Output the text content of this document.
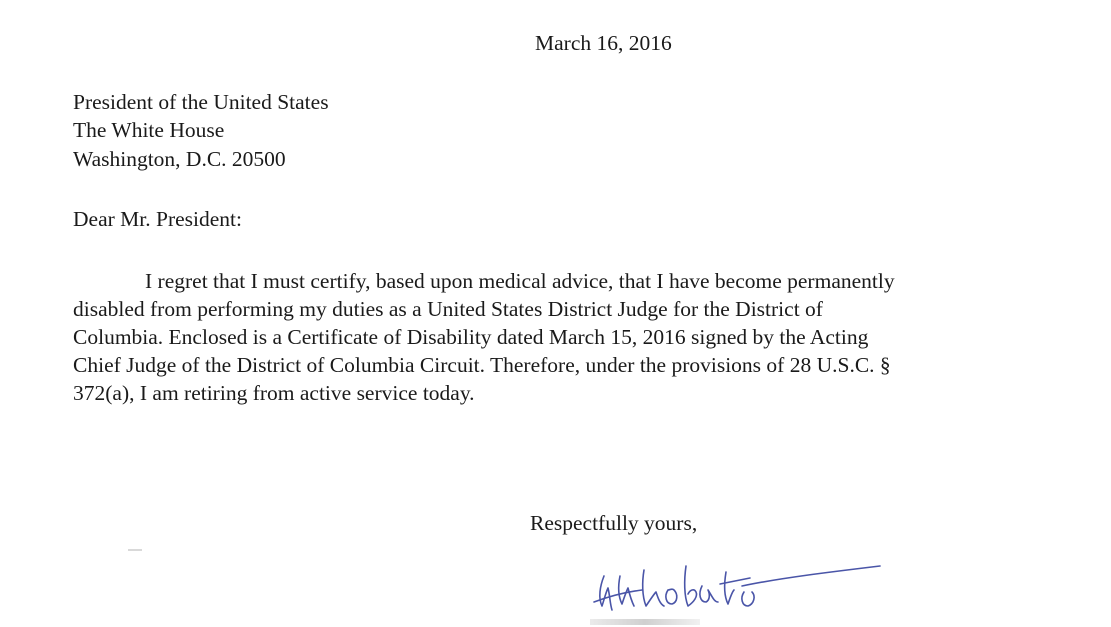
March 16, 2016
President of the United States
The White House
Washington, D.C. 20500
Dear Mr. President:
I regret that I must certify, based upon medical advice, that I have become permanently
disabled from performing my duties as a United States District Judge for the District of
Columbia. Enclosed is a Certificate of Disability dated March 15, 2016 signed by the Acting
Chief Judge of the District of Columbia Circuit. Therefore, under the provisions of 28 U.S.C. §
372(a), I am retiring from active service today.
Respectfully yours,
